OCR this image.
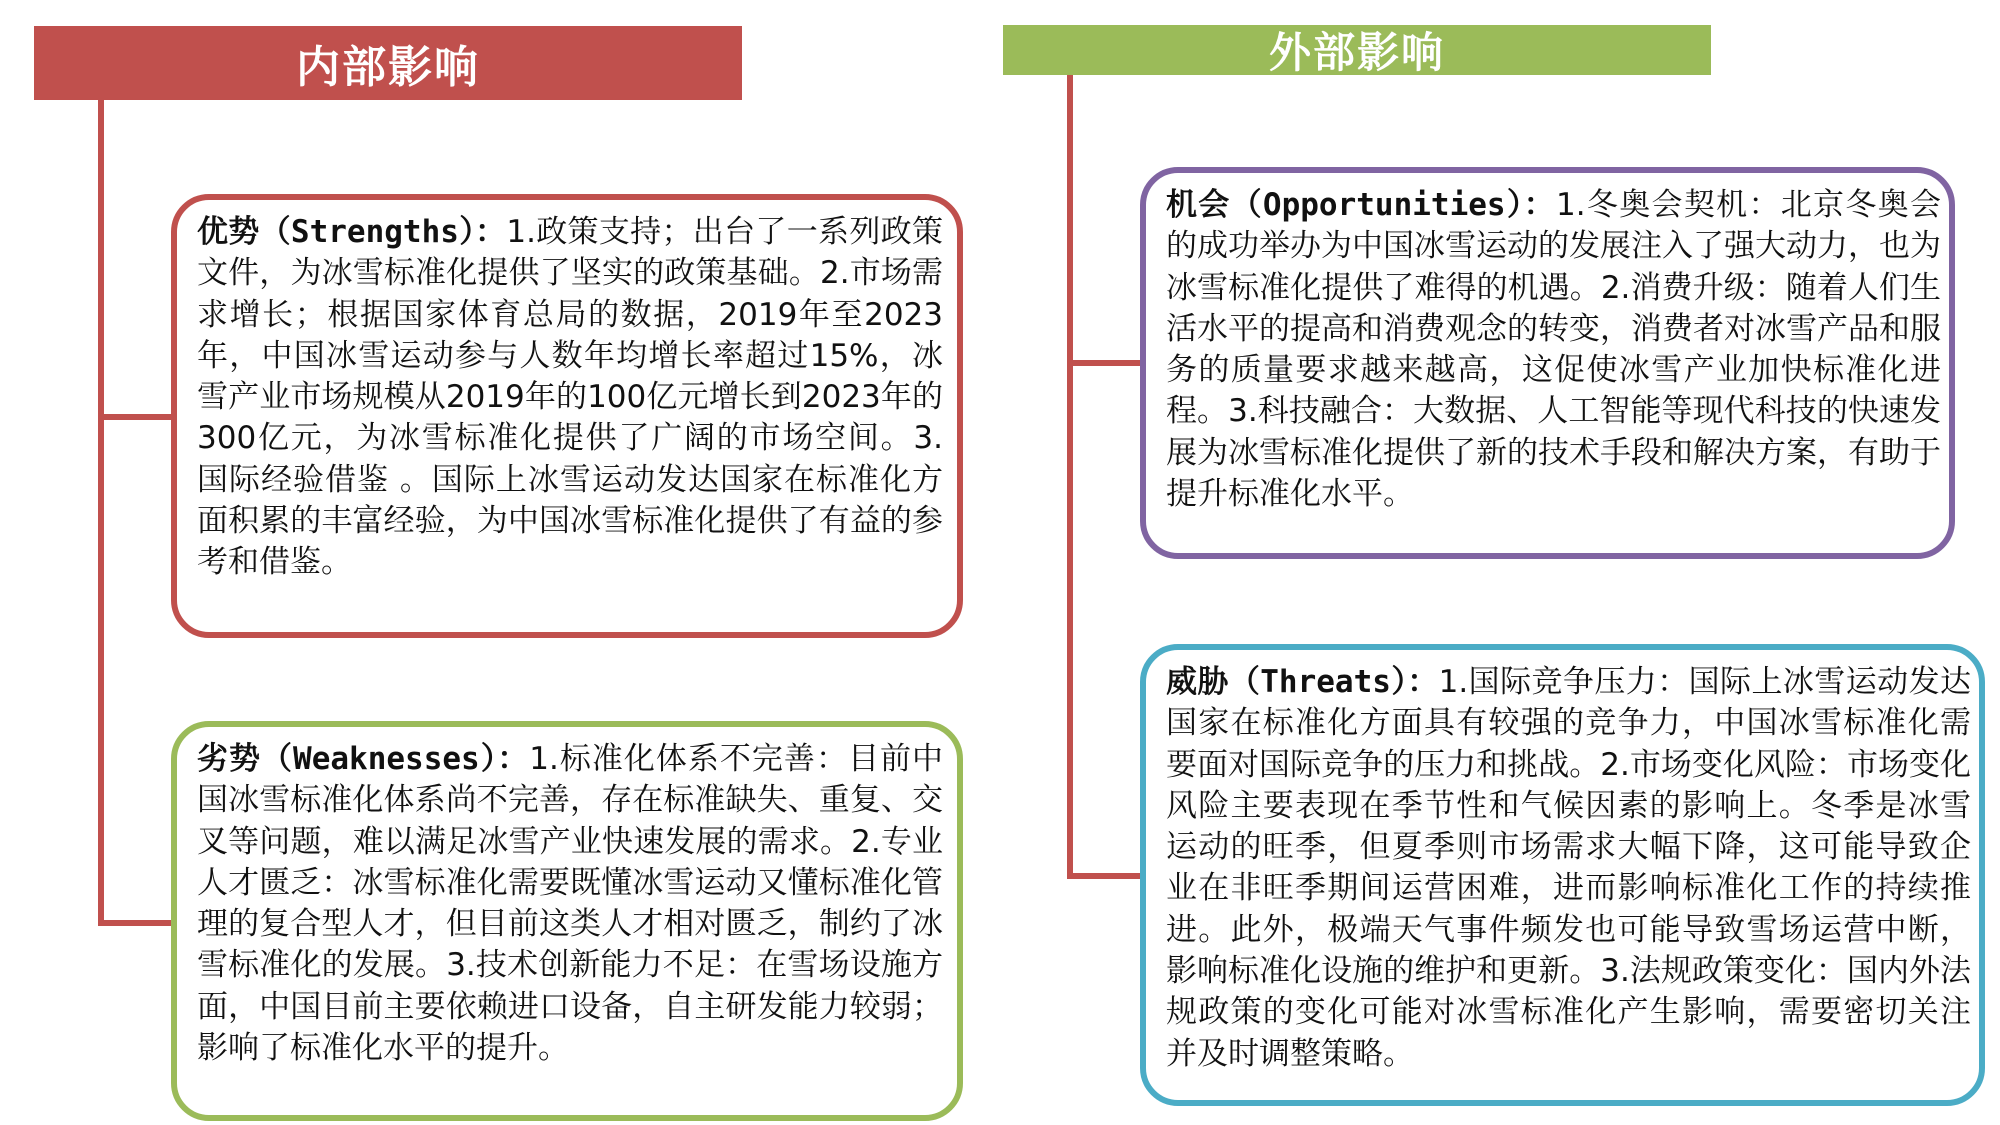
内部影响	外部影响
优势（Strengths）：1.政策支持；出台了一系列政策文件，为冰雪标准化提供了坚实的政策基础。2.市场需求增长；根据国家体育总局的数据，2019年至2023年，中国冰雪运动参与人数年均增长率超过15%，冰雪产业市场规模从2019年的100亿元增长到2023年的300亿元，为冰雪标准化提供了广阔的市场空间。3. 国际经验借鉴 。国际上冰雪运动发达国家在标准化方面积累的丰富经验，为中国冰雪标准化提供了有益的参考和借鉴。
劣势（Weaknesses）：1.标准化体系不完善：目前中国冰雪标准化体系尚不完善，存在标准缺失、重复、交叉等问题，难以满足冰雪产业快速发展的需求。2.专业人才匮乏：冰雪标准化需要既懂冰雪运动又懂标准化管理的复合型人才，但目前这类人才相对匮乏，制约了冰雪标准化的发展。3.技术创新能力不足：在雪场设施方面，中国目前主要依赖进口设备，自主研发能力较弱；影响了标准化水平的提升。
机会（Opportunities）：1.冬奥会契机：北京冬奥会的成功举办为中国冰雪运动的发展注入了强大动力，也为冰雪标准化提供了难得的机遇。2.消费升级：随着人们生活水平的提高和消费观念的转变，消费者对冰雪产品和服务的质量要求越来越高，这促使冰雪产业加快标准化进程。3.科技融合：大数据、人工智能等现代科技的快速发展为冰雪标准化提供了新的技术手段和解决方案，有助于提升标准化水平。
威胁（Threats）：1.国际竞争压力：国际上冰雪运动发达国家在标准化方面具有较强的竞争力，中国冰雪标准化需要面对国际竞争的压力和挑战。2.市场变化风险：市场变化风险主要表现在季节性和气候因素的影响上。冬季是冰雪运动的旺季，但夏季则市场需求大幅下降，这可能导致企业在非旺季期间运营困难，进而影响标准化工作的持续推进。此外，极端天气事件频发也可能导致雪场运营中断，影响标准化设施的维护和更新。3.法规政策变化：国内外法规政策的变化可能对冰雪标准化产生影响，需要密切关注并及时调整策略。
